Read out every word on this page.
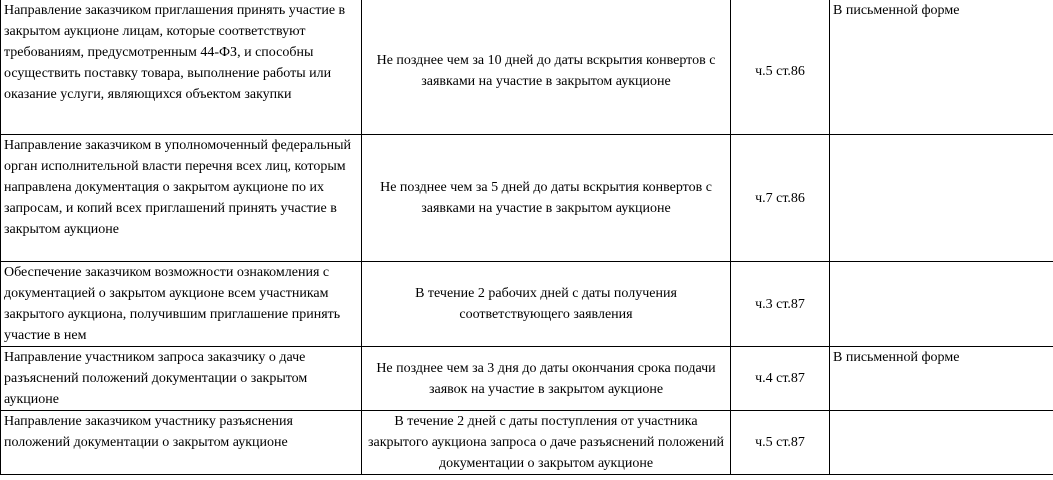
Направление заказчиком приглашения принять участие в закрытом аукционе лицам, которые соответствуют требованиям, предусмотренным 44-ФЗ, и способны осуществить поставку товара, выполнение работы или оказание услуги, являющихся объектом закупки	Не позднее чем за 10 дней до даты вскрытия конвертов с заявками на участие в закрытом аукционе	ч.5 ст.86	В письменной форме
Направление заказчиком в уполномоченный федеральный орган исполнительной власти перечня всех лиц, которым направлена документация о закрытом аукционе по их запросам, и копий всех приглашений принять участие в закрытом аукционе	Не позднее чем за 5 дней до даты вскрытия конвертов с заявками на участие в закрытом аукционе	ч.7 ст.86	
Обеспечение заказчиком возможности ознакомления с документацией о закрытом аукционе всем участникам закрытого аукциона, получившим приглашение принять участие в нем	В течение 2 рабочих дней с даты получения соответствующего заявления	ч.3 ст.87	
Направление участником запроса заказчику о даче разъяснений положений документации о закрытом аукционе	Не позднее чем за 3 дня до даты окончания срока подачи заявок на участие в закрытом аукционе	ч.4 ст.87	В письменной форме
Направление заказчиком участнику разъяснения положений документации о закрытом аукционе	В течение 2 дней с даты поступления от участника закрытого аукциона запроса о даче разъяснений положений документации о закрытом аукционе	ч.5 ст.87	
